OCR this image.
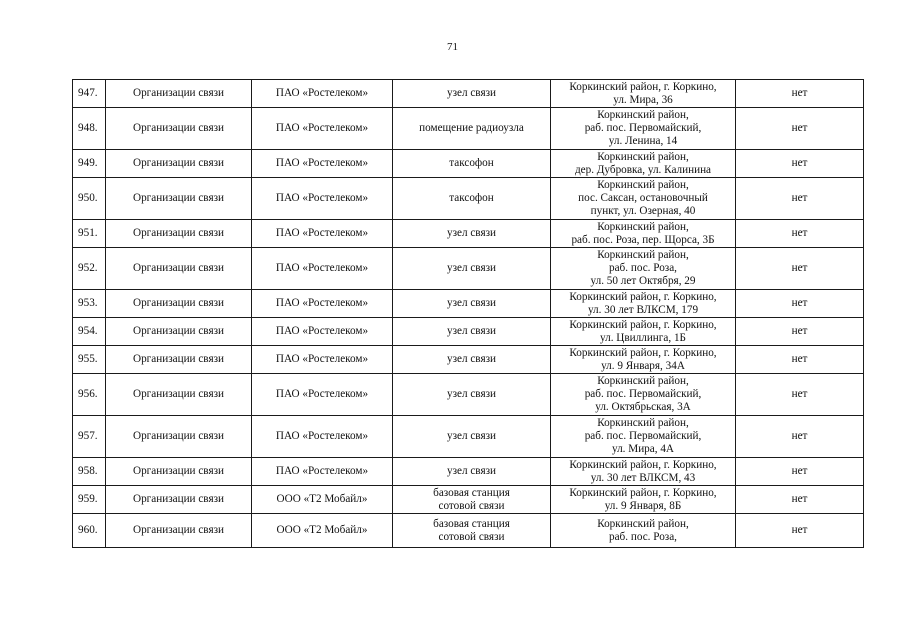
71
947.	Организации связи	ПАО «Ростелеком»	узел связи	Коркинский район, г. Коркино,
ул. Мира, 36	нет
948.	Организации связи	ПАО «Ростелеком»	помещение радиоузла	Коркинский район,
раб. пос. Первомайский,
ул. Ленина, 14	нет
949.	Организации связи	ПАО «Ростелеком»	таксофон	Коркинский район,
дер. Дубровка, ул. Калинина	нет
950.	Организации связи	ПАО «Ростелеком»	таксофон	Коркинский район,
пос. Саксан, остановочный
пункт, ул. Озерная, 40	нет
951.	Организации связи	ПАО «Ростелеком»	узел связи	Коркинский район,
раб. пос. Роза, пер. Щорса, 3Б	нет
952.	Организации связи	ПАО «Ростелеком»	узел связи	Коркинский район,
раб. пос. Роза,
ул. 50 лет Октября, 29	нет
953.	Организации связи	ПАО «Ростелеком»	узел связи	Коркинский район, г. Коркино,
ул. 30 лет ВЛКСМ, 179	нет
954.	Организации связи	ПАО «Ростелеком»	узел связи	Коркинский район, г. Коркино,
ул. Цвиллинга, 1Б	нет
955.	Организации связи	ПАО «Ростелеком»	узел связи	Коркинский район, г. Коркино,
ул. 9 Января, 34А	нет
956.	Организации связи	ПАО «Ростелеком»	узел связи	Коркинский район,
раб. пос. Первомайский,
ул. Октябрьская, 3А	нет
957.	Организации связи	ПАО «Ростелеком»	узел связи	Коркинский район,
раб. пос. Первомайский,
ул. Мира, 4А	нет
958.	Организации связи	ПАО «Ростелеком»	узел связи	Коркинский район, г. Коркино,
ул. 30 лет ВЛКСМ, 43	нет
959.	Организации связи	ООО «Т2 Мобайл»	базовая станция
сотовой связи	Коркинский район, г. Коркино,
ул. 9 Января, 8Б	нет
960.	Организации связи	ООО «Т2 Мобайл»	базовая станция
сотовой связи	Коркинский район,
раб. пос. Роза,	нет
